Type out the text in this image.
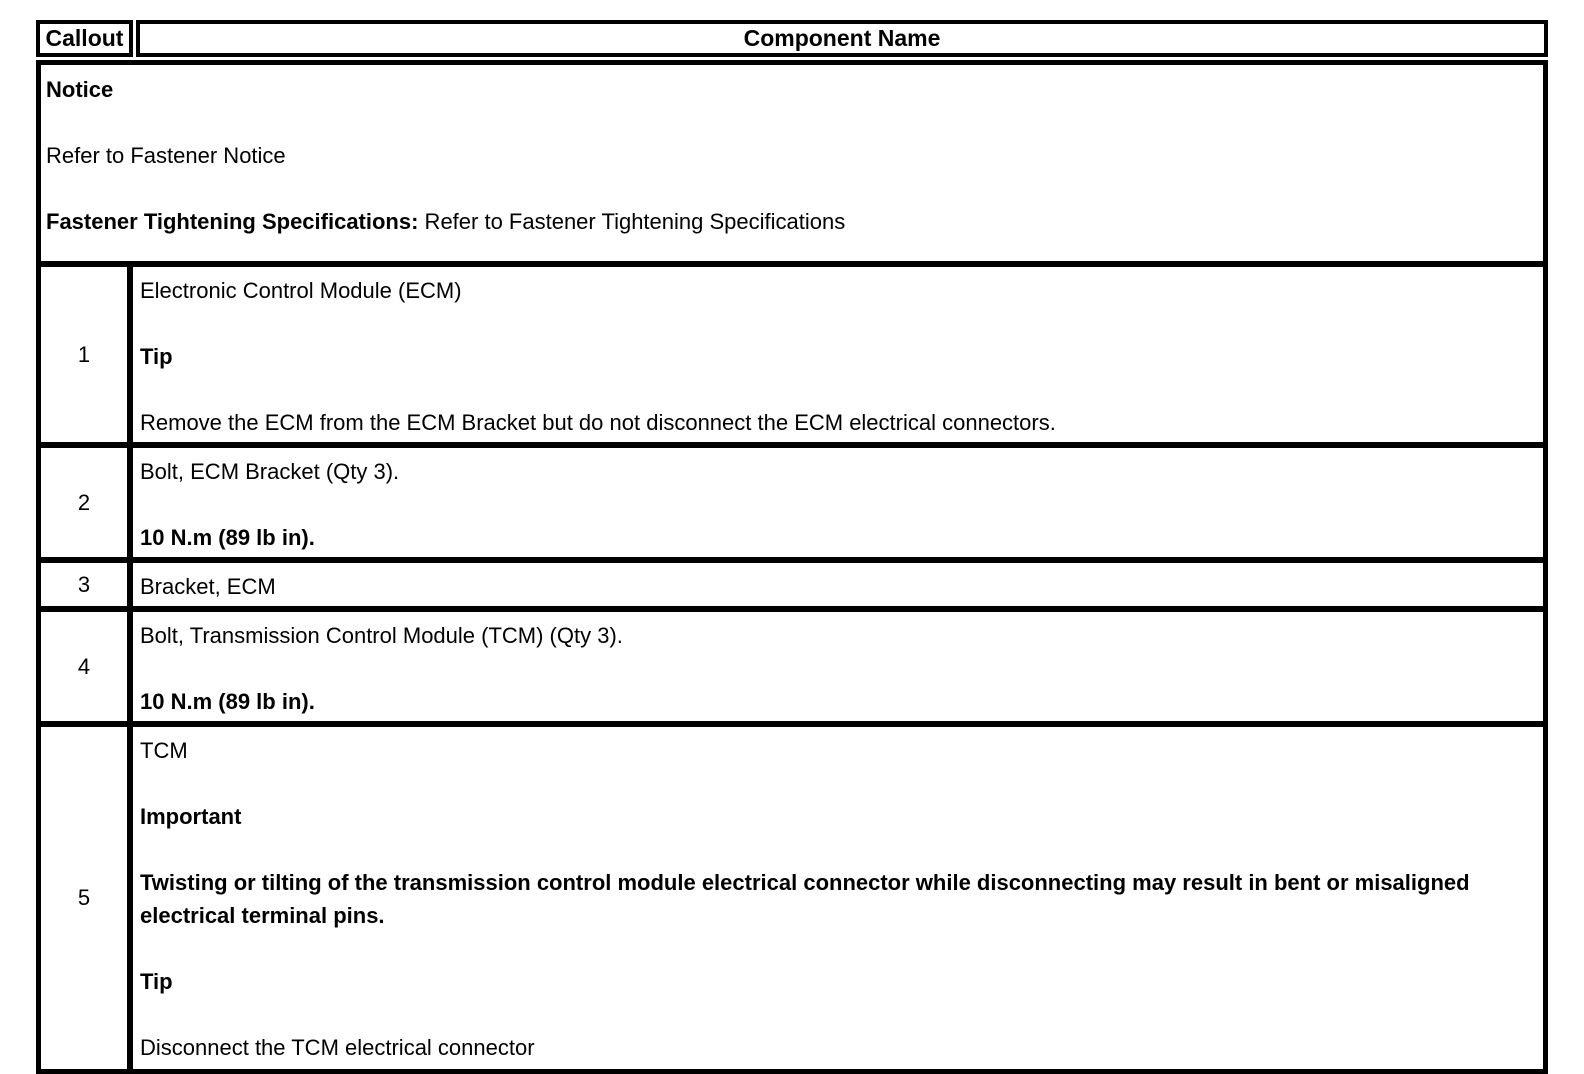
Callout	Component Name

Notice

Refer to Fastener Notice

Fastener Tightening Specifications: Refer to Fastener Tightening Specifications

1

Electronic Control Module (ECM)

Tip

Remove the ECM from the ECM Bracket but do not disconnect the ECM electrical connectors.

2

Bolt, ECM Bracket (Qty 3).

10 N.m (89 lb in).

3	Bracket, ECM

4

Bolt, Transmission Control Module (TCM) (Qty 3).

10 N.m (89 lb in).

5

TCM

Important

Twisting or tilting of the transmission control module electrical connector while disconnecting may result in bent or misaligned electrical terminal pins.

Tip

Disconnect the TCM electrical connector
